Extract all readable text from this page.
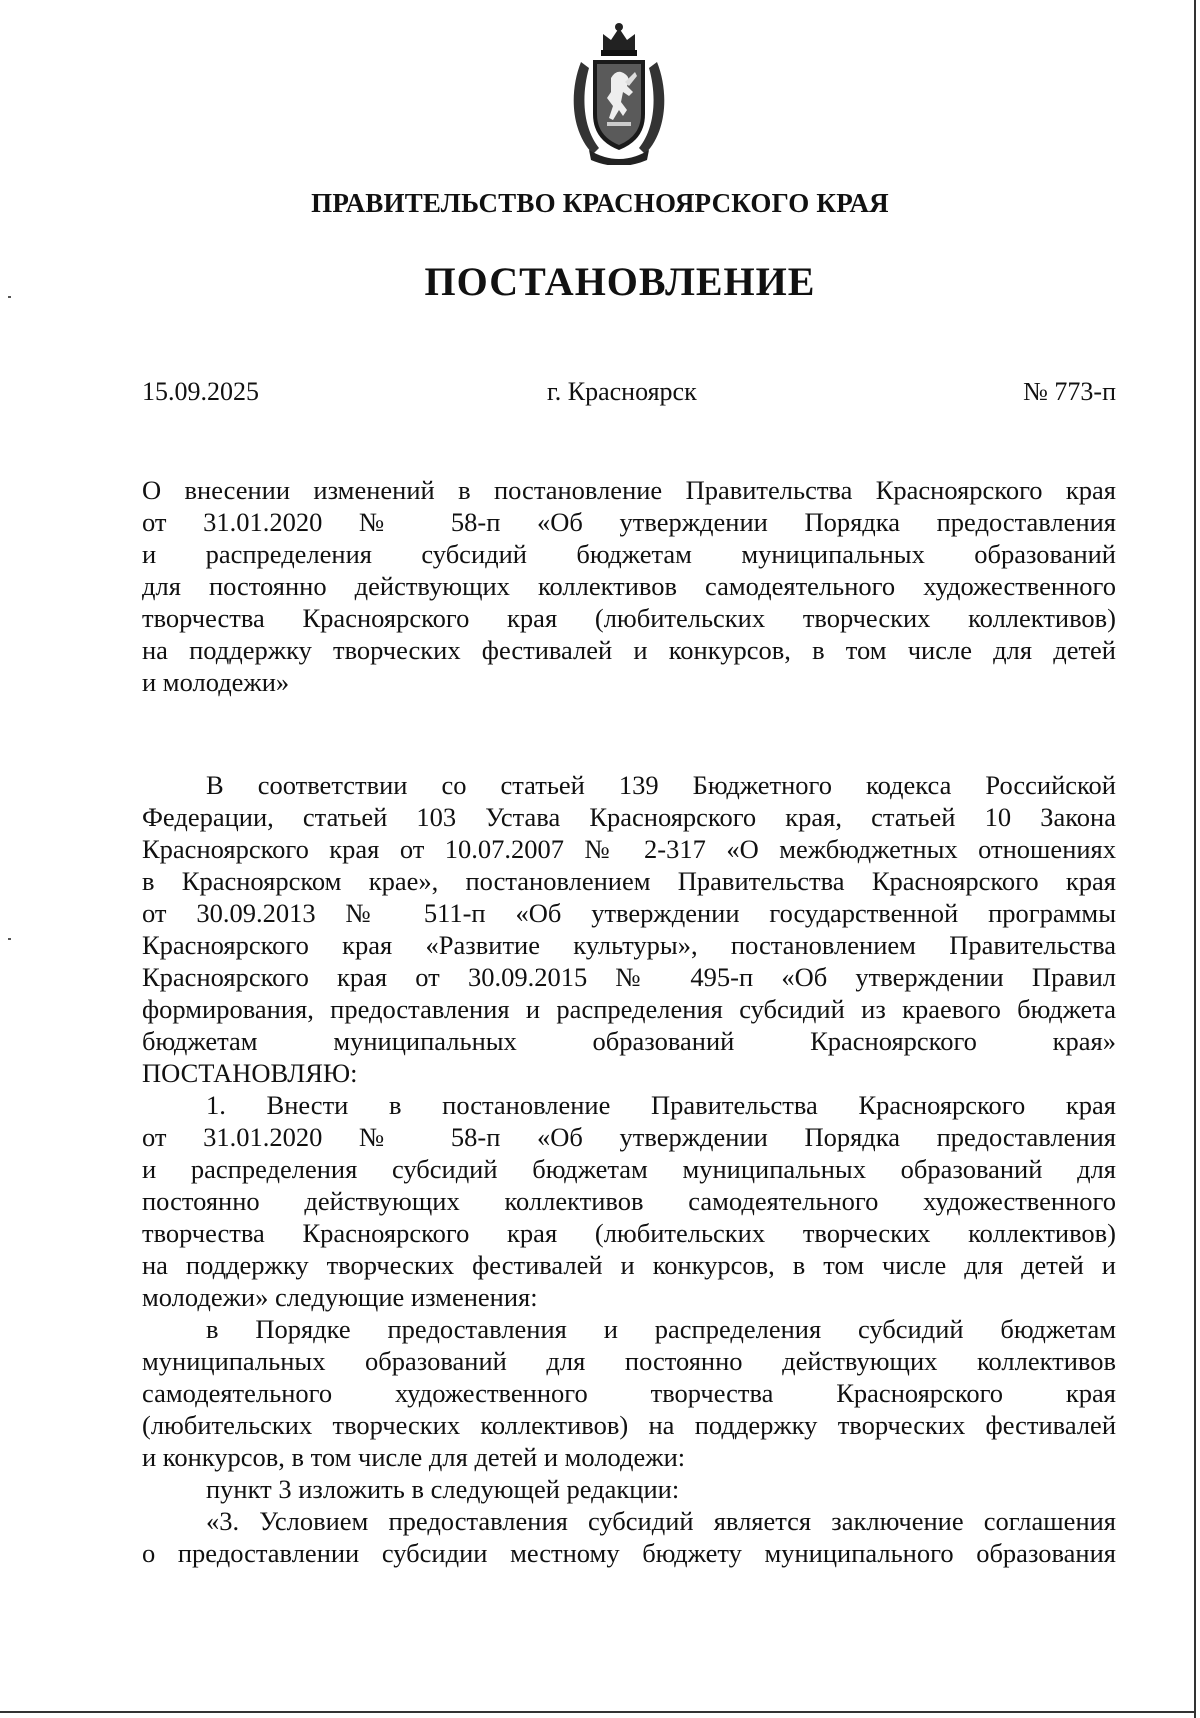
ПРАВИТЕЛЬСТВО КРАСНОЯРСКОГО КРАЯ
ПОСТАНОВЛЕНИЕ
15.09.2025	г. Красноярск	№ 773-п
О внесении изменений в постановление Правительства Красноярского края
от 31.01.2020 № 58-п «Об утверждении Порядка предоставления
и распределения субсидий бюджетам муниципальных образований
для постоянно действующих коллективов самодеятельного художественного
творчества Красноярского края (любительских творческих коллективов)
на поддержку творческих фестивалей и конкурсов, в том числе для детей
и молодежи»
В соответствии со статьей 139 Бюджетного кодекса Российской
Федерации, статьей 103 Устава Красноярского края, статьей 10 Закона
Красноярского края от 10.07.2007 № 2-317 «О межбюджетных отношениях
в Красноярском крае», постановлением Правительства Красноярского края
от 30.09.2013 № 511-п «Об утверждении государственной программы
Красноярского края «Развитие культуры», постановлением Правительства
Красноярского края от 30.09.2015 № 495-п «Об утверждении Правил
формирования, предоставления и распределения субсидий из краевого бюджета
бюджетам муниципальных образований Красноярского края»
ПОСТАНОВЛЯЮ:
1. Внести в постановление Правительства Красноярского края
от 31.01.2020 № 58-п «Об утверждении Порядка предоставления
и распределения субсидий бюджетам муниципальных образований для
постоянно действующих коллективов самодеятельного художественного
творчества Красноярского края (любительских творческих коллективов)
на поддержку творческих фестивалей и конкурсов, в том числе для детей и
молодежи» следующие изменения:
в Порядке предоставления и распределения субсидий бюджетам
муниципальных образований для постоянно действующих коллективов
самодеятельного художественного творчества Красноярского края
(любительских творческих коллективов) на поддержку творческих фестивалей
и конкурсов, в том числе для детей и молодежи:
пункт 3 изложить в следующей редакции:
«3. Условием предоставления субсидий является заключение соглашения
о предоставлении субсидии местному бюджету муниципального образования
